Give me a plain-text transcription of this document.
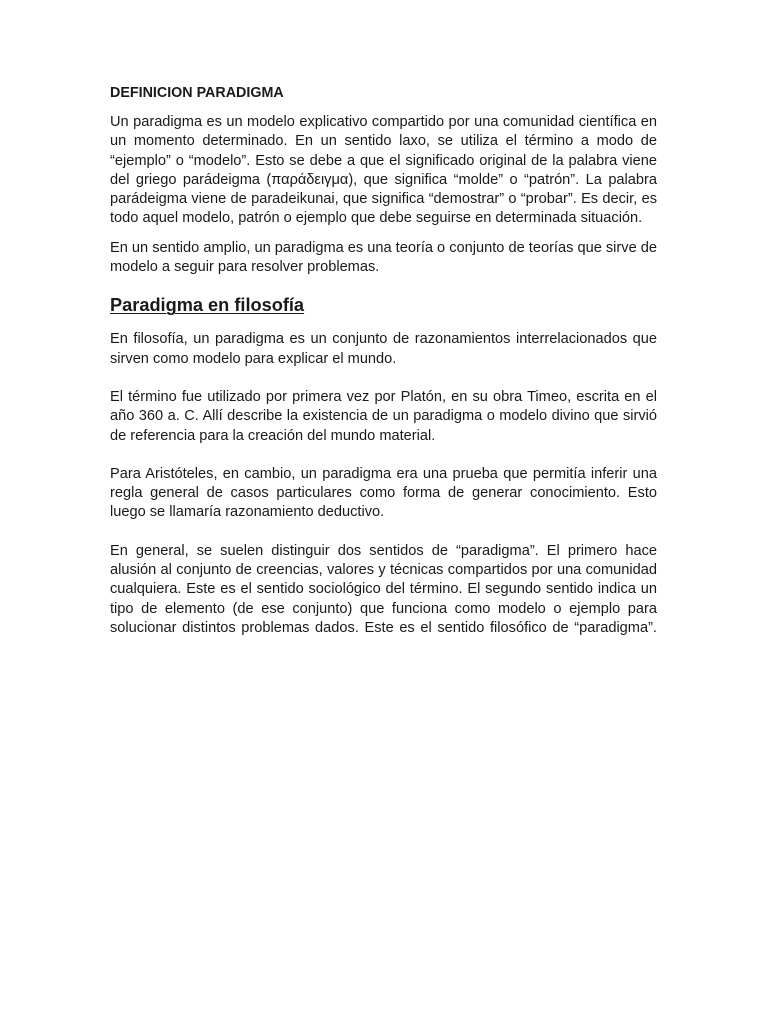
DEFINICION PARADIGMA

Un paradigma es un modelo explicativo compartido por una comunidad científica en un momento determinado. En un sentido laxo, se utiliza el término a modo de “ejemplo” o “modelo”. Esto se debe a que el significado original de la palabra viene del griego parádeigma (παράδειγμα), que significa “molde” o “patrón”. La palabra parádeigma viene de paradeikunai, que significa “demostrar” o “probar”. Es decir, es todo aquel modelo, patrón o ejemplo que debe seguirse en determinada situación.

En un sentido amplio, un paradigma es una teoría o conjunto de teorías que sirve de modelo a seguir para resolver problemas.

Paradigma en filosofía

En filosofía, un paradigma es un conjunto de razonamientos interrelacionados que sirven como modelo para explicar el mundo.

El término fue utilizado por primera vez por Platón, en su obra Timeo, escrita en el año 360 a. C. Allí describe la existencia de un paradigma o modelo divino que sirvió de referencia para la creación del mundo material.

Para Aristóteles, en cambio, un paradigma era una prueba que permitía inferir una regla general de casos particulares como forma de generar conocimiento. Esto luego se llamaría razonamiento deductivo.

En general, se suelen distinguir dos sentidos de “paradigma”. El primero hace alusión al conjunto de creencias, valores y técnicas compartidos por una comunidad cualquiera. Este es el sentido sociológico del término. El segundo sentido indica un tipo de elemento (de ese conjunto) que funciona como modelo o ejemplo para solucionar distintos problemas dados. Este es el sentido filosófico de “paradigma”.
